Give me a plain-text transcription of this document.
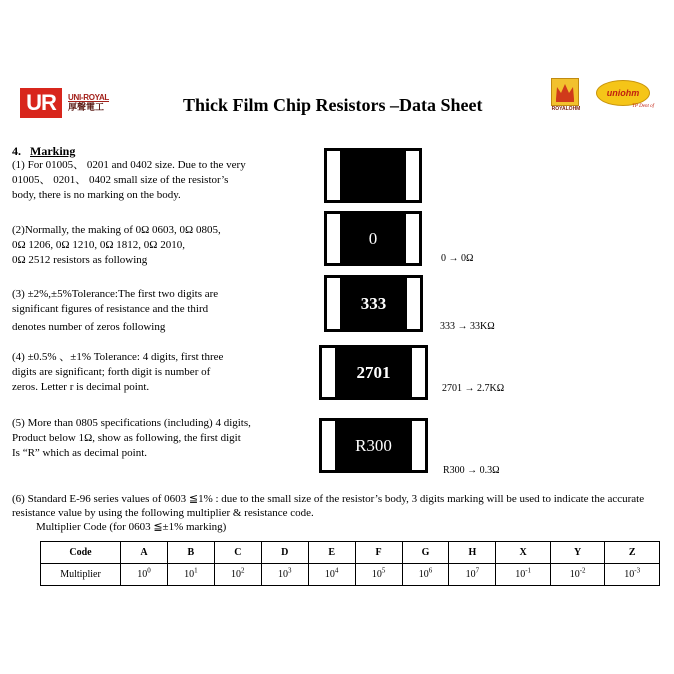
UR	UNI-ROYAL
厚聲電工	Thick Film Chip Resistors –Data Sheet	ROYALOHM
uniohm
TP Dent of
4. Marking
(1) For 01005、 0201 and 0402 size. Due to the very
01005、 0201、 0402 small size of the resistor’s
body, there is no marking on the body.
(2)Normally, the making of 0Ω 0603, 0Ω 0805,
0Ω 1206, 0Ω 1210, 0Ω 1812, 0Ω 2010,
0Ω 2512 resistors as following
0
0 → 0Ω
(3) ±2%,±5%Tolerance:The first two digits are
significant figures of resistance and the third
denotes number of zeros following
333
333 → 33KΩ
(4) ±0.5% 、±1% Tolerance: 4 digits, first three
digits are significant; forth digit is number of
zeros. Letter r is decimal point.
2701
2701 → 2.7KΩ
(5) More than 0805 specifications (including) 4 digits,
Product below 1Ω, show as following, the first digit
Is “R” which as decimal point.	R300
R300 → 0.3Ω
(6) Standard E-96 series values of 0603 ≦1% : due to the small size of the resistor’s body, 3 digits marking will be used to indicate the accurate
resistance value by using the following multiplier & resistance code.
Multiplier Code (for 0603 ≦±1% marking)
Code	A	B	C	D	E	F	G	H	X	Y	Z
Multiplier	$10^0$	$10^1$	$10^2$	$10^3$	$10^4$	$10^5$	$10^6$	$10^7$	$10^{-1}$	$10^{-2}$	$10^{-3}$
